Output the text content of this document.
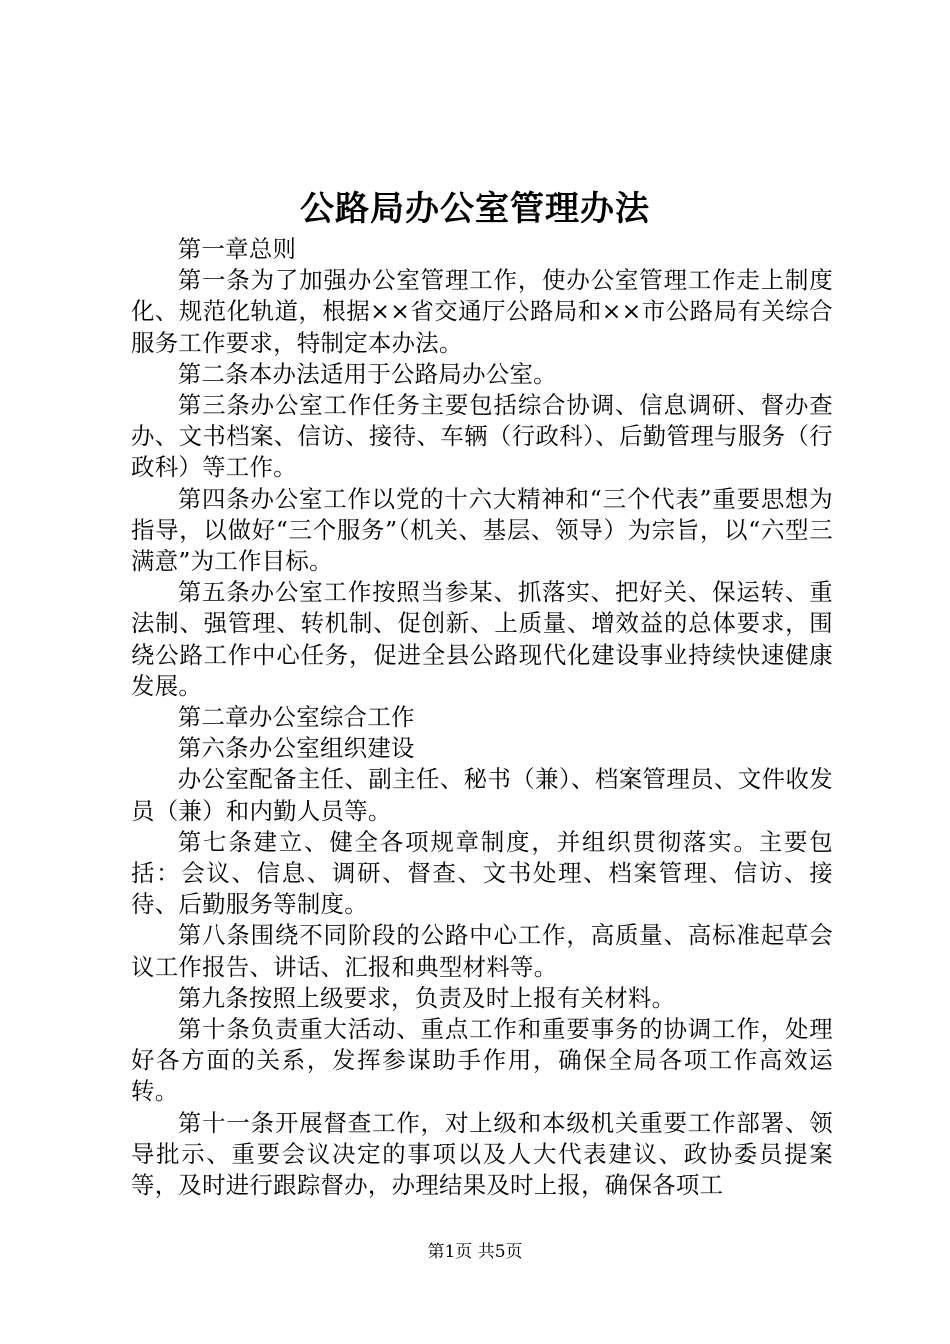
公路局办公室管理办法

第一章总则

第一条为了加强办公室管理工作，使办公室管理工作走上制度化、规范化轨道，根据××省交通厅公路局和××市公路局有关综合服务工作要求，特制定本办法。

第二条本办法适用于公路局办公室。

第三条办公室工作任务主要包括综合协调、信息调研、督办查办、文书档案、信访、接待、车辆（行政科）、后勤管理与服务（行政科）等工作。

第四条办公室工作以党的十六大精神和“三个代表”重要思想为指导，以做好“三个服务”（机关、基层、领导）为宗旨，以“六型三满意”为工作目标。

第五条办公室工作按照当参某、抓落实、把好关、保运转、重法制、强管理、转机制、促创新、上质量、增效益的总体要求，围绕公路工作中心任务，促进全县公路现代化建设事业持续快速健康发展。

第二章办公室综合工作

第六条办公室组织建设

办公室配备主任、副主任、秘书（兼）、档案管理员、文件收发员（兼）和内勤人员等。

第七条建立、健全各项规章制度，并组织贯彻落实。主要包括：会议、信息、调研、督查、文书处理、档案管理、信访、接待、后勤服务等制度。

第八条围绕不同阶段的公路中心工作，高质量、高标准起草会议工作报告、讲话、汇报和典型材料等。

第九条按照上级要求，负责及时上报有关材料。

第十条负责重大活动、重点工作和重要事务的协调工作，处理好各方面的关系，发挥参谋助手作用，确保全局各项工作高效运转。

第十一条开展督查工作，对上级和本级机关重要工作部署、领导批示、重要会议决定的事项以及人大代表建议、政协委员提案等，及时进行跟踪督办，办理结果及时上报，确保各项工

第1页 共5页
